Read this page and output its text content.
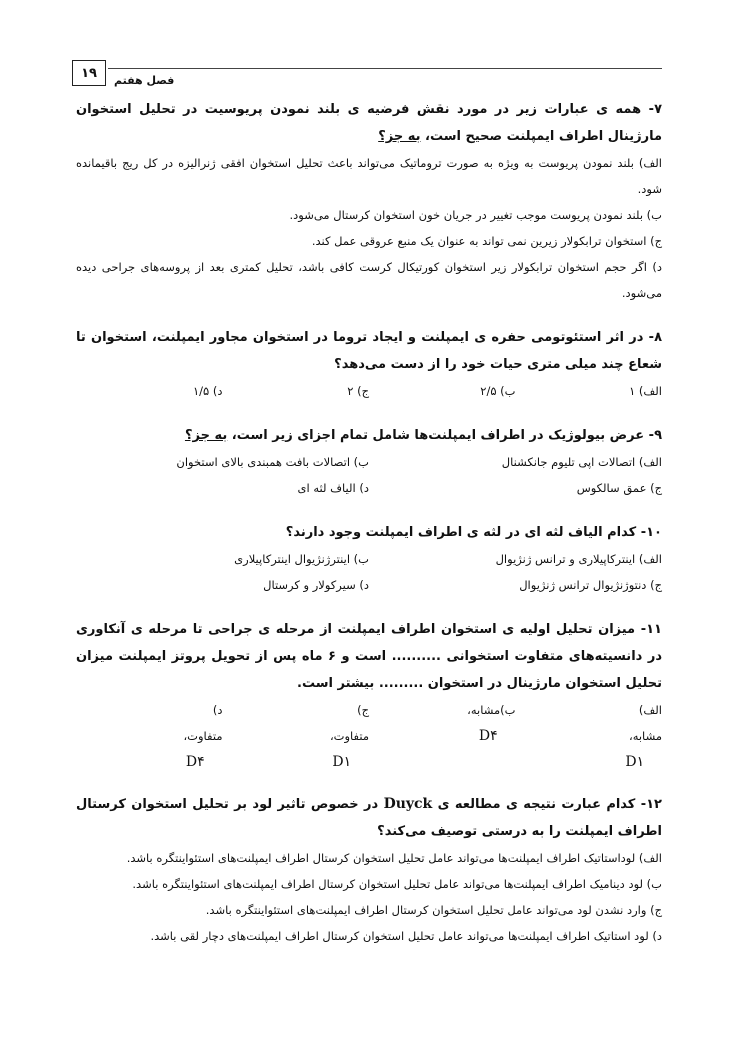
۱۹	فصل هفتم

۷- همه ی عبارات زیر در مورد نقش فرضیه ی بلند نمودن پریوسیت در تحلیل استخوان مارژینال اطراف ایمپلنت صحیح است، به جز؟

الف) بلند نمودن پریوست به ویژه به صورت تروماتیک می‌تواند باعث تحلیل استخوان افقی ژنرالیزه در کل ریج باقیمانده شود.

ب) بلند نمودن پریوست موجب تغییر در جریان خون استخوان کرستال می‌شود.

ج) استخوان ترابکولار زیرین نمی تواند به عنوان یک منبع عروقی عمل کند.

د) اگر حجم استخوان ترابکولار زیر استخوان کورتیکال کرست کافی باشد، تحلیل کمتری بعد از پروسه‌های جراحی دیده می‌شود.

۸- در اثر استئوتومی حفره ی ایمپلنت و ایجاد تروما در استخوان مجاور ایمپلنت، استخوان تا شعاع چند میلی متری حیات خود را از دست می‌دهد؟

الف) ۱
ب) ۲/۵
ج) ۲
د) ۱/۵

۹- عرض بیولوژیک در اطراف ایمپلنت‌ها شامل تمام اجزای زیر است، به جز؟

الف) اتصالات اپی تلیوم جانکشنال
ب) اتصالات بافت همبندی بالای استخوان
ج) عمق سالکوس
د) الیاف لثه ای

۱۰- کدام الیاف لثه ای در لثه ی اطراف ایمپلنت وجود دارند؟

الف) اینترکاپیلاری و ترانس ژنژیوال
ب) اینترژنژیوال اینترکاپیلاری
ج) دنتوژنژیوال ترانس ژنژیوال
د) سیرکولار و کرستال

۱۱- میزان تحلیل اولیه ی استخوان اطراف ایمپلنت از مرحله ی جراحی تا مرحله ی آنکاوری در دانسیته‌های متفاوت استخوانی .......... است و ۶ ماه پس از تحویل پروتز ایمپلنت میزان تحلیل استخوان مارژینال در استخوان ......... بیشتر است.

الف) مشابه،
D۱
ب)مشابه،
D۴
ج) متفاوت،
D۱
د) متفاوت،
D۴

۱۲- کدام عبارت نتیجه ی مطالعه ی Duyck در خصوص تاثیر لود بر تحلیل استخوان کرستال اطراف ایمپلنت را به درستی توصیف می‌کند؟

الف) لوداستاتیک اطراف ایمپلنت‌ها می‌تواند عامل تحلیل استخوان کرستال اطراف ایمپلنت‌های استئواینتگره باشد.

ب) لود دینامیک اطراف ایمپلنت‌ها می‌تواند عامل تحلیل استخوان کرستال اطراف ایمپلنت‌های استئواینتگره باشد.

ج) وارد نشدن لود می‌تواند عامل تحلیل استخوان کرستال اطراف ایمپلنت‌های استئواینتگره باشد.

د) لود استاتیک اطراف ایمپلنت‌ها می‌تواند عامل تحلیل استخوان کرستال اطراف ایمپلنت‌های دچار لقی باشد.
